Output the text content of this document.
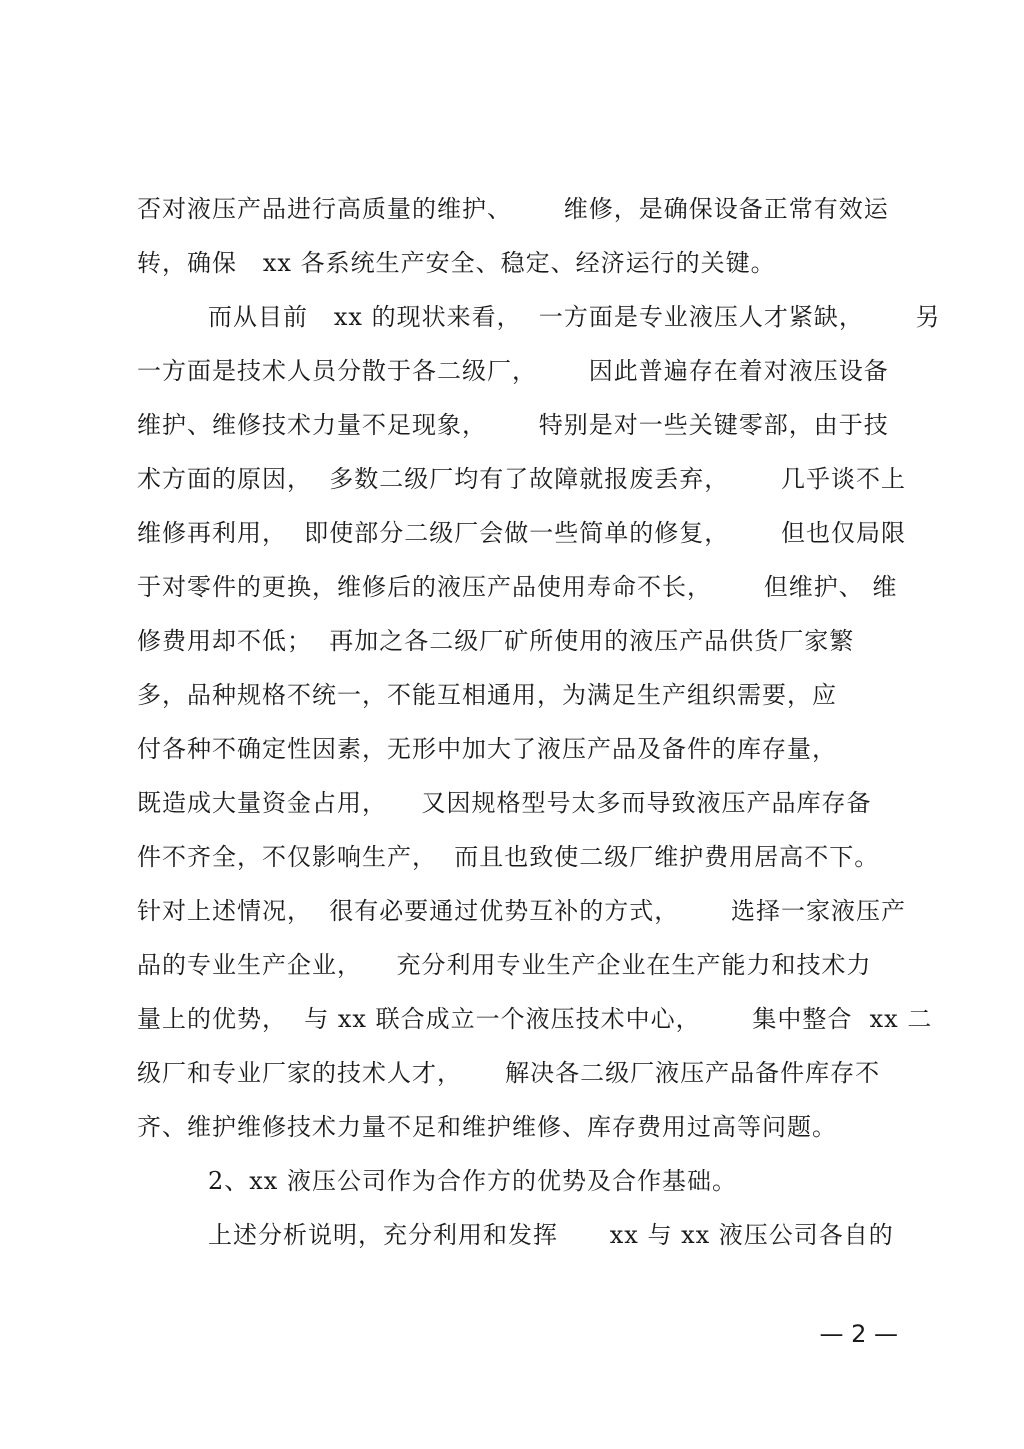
否对液压产品进行高质量的维护、      维修，是确保设备正常有效运
转，确保   xx 各系统生产安全、稳定、经济运行的关键。
而从目前   xx 的现状来看，  一方面是专业液压人才紧缺，      另
一方面是技术人员分散于各二级厂，      因此普遍存在着对液压设备
维护、维修技术力量不足现象，      特别是对一些关键零部，由于技
术方面的原因，  多数二级厂均有了故障就报废丢弃，      几乎谈不上
维修再利用，  即使部分二级厂会做一些简单的修复，      但也仅局限
于对零件的更换，维修后的液压产品使用寿命不长，      但维护、 维
修费用却不低；  再加之各二级厂矿所使用的液压产品供货厂家繁
多，品种规格不统一，不能互相通用，为满足生产组织需要，应
付各种不确定性因素，无形中加大了液压产品及备件的库存量，
既造成大量资金占用，    又因规格型号太多而导致液压产品库存备
件不齐全，不仅影响生产，  而且也致使二级厂维护费用居高不下。
针对上述情况，  很有必要通过优势互补的方式，      选择一家液压产
品的专业生产企业，    充分利用专业生产企业在生产能力和技术力
量上的优势，  与 xx 联合成立一个液压技术中心，      集中整合  xx 二
级厂和专业厂家的技术人才，     解决各二级厂液压产品备件库存不
齐、维护维修技术力量不足和维护维修、库存费用过高等问题。
2、xx 液压公司作为合作方的优势及合作基础。
上述分析说明，充分利用和发挥      xx 与 xx 液压公司各自的
— 2 —
